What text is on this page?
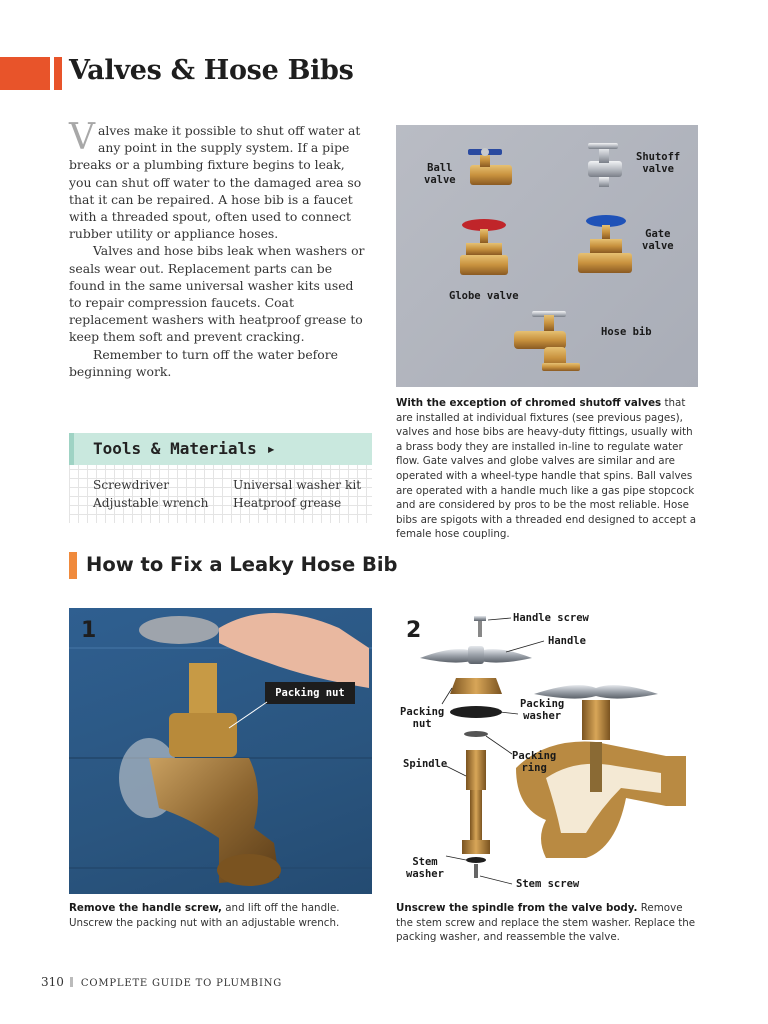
Valves & Hose Bibs

Valves make it possible to shut off water at any point in the supply system. If a pipe breaks or a plumbing fixture begins to leak, you can shut off water to the damaged area so that it can be repaired. A hose bib is a faucet with a threaded spout, often used to connect rubber utility or appliance hoses.

Valves and hose bibs leak when washers or seals wear out. Replacement parts can be found in the same universal washer kits used to repair compression faucets. Coat replacement washers with heatproof grease to keep them soft and prevent cracking.

Remember to turn off the water before beginning work.

Ball
valve
Shutoff
valve
Gate
valve
Globe valve
Hose bib
With the exception of chromed shutoff valves that are installed at individual fixtures (see previous pages), valves and hose bibs are heavy-duty fittings, usually with a brass body they are installed in-line to regulate water flow. Gate valves and globe valves are similar and are operated with a wheel-type handle that spins. Ball valves are operated with a handle much like a gas pipe stopcock and are considered by pros to be the most reliable. Hose bibs are spigots with a threaded end designed to accept a female hose coupling.
Tools & Materials ▸
Screwdriver
Adjustable wrench
Universal washer kit
Heatproof grease
How to Fix a Leaky Hose Bib
1
Packing nut
Remove the handle screw, and lift off the handle. Unscrew the packing nut with an adjustable wrench.
2	Handle screw
Handle
Packing
nut
Packing
washer
Spindle
Packing
ring
Stem
washer
Stem screw
Unscrew the spindle from the valve body. Remove the stem screw and replace the stem washer. Replace the packing washer, and reassemble the valve.
310 COMPLETE GUIDE TO PLUMBING
